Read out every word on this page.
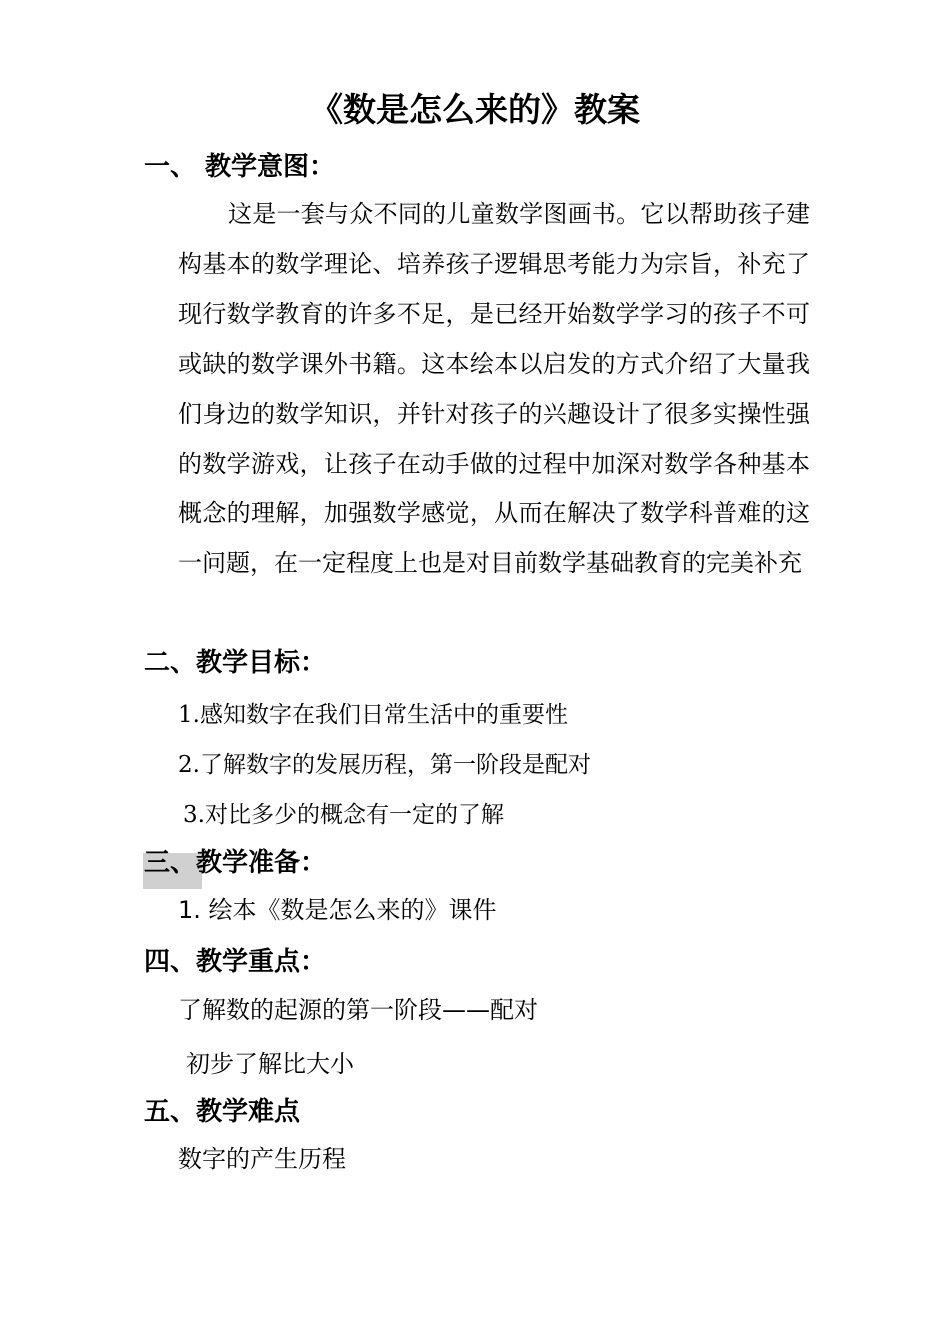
《数是怎么来的》教案
一、 教学意图：
这是一套与众不同的儿童数学图画书。它以帮助孩子建构基本的数学理论、培养孩子逻辑思考能力为宗旨，补充了现行数学教育的许多不足，是已经开始数学学习的孩子不可或缺的数学课外书籍。这本绘本以启发的方式介绍了大量我们身边的数学知识，并针对孩子的兴趣设计了很多实操性强的数学游戏，让孩子在动手做的过程中加深对数学各种基本概念的理解，加强数学感觉，从而在解决了数学科普难的这一问题，在一定程度上也是对目前数学基础教育的完美补充
二、教学目标：
1.感知数字在我们日常生活中的重要性
2.了解数字的发展历程，第一阶段是配对
3.对比多少的概念有一定的了解
三、教学准备：
1. 绘本《数是怎么来的》课件
四、教学重点：
了解数的起源的第一阶段——配对
初步了解比大小
五、教学难点
数字的产生历程
